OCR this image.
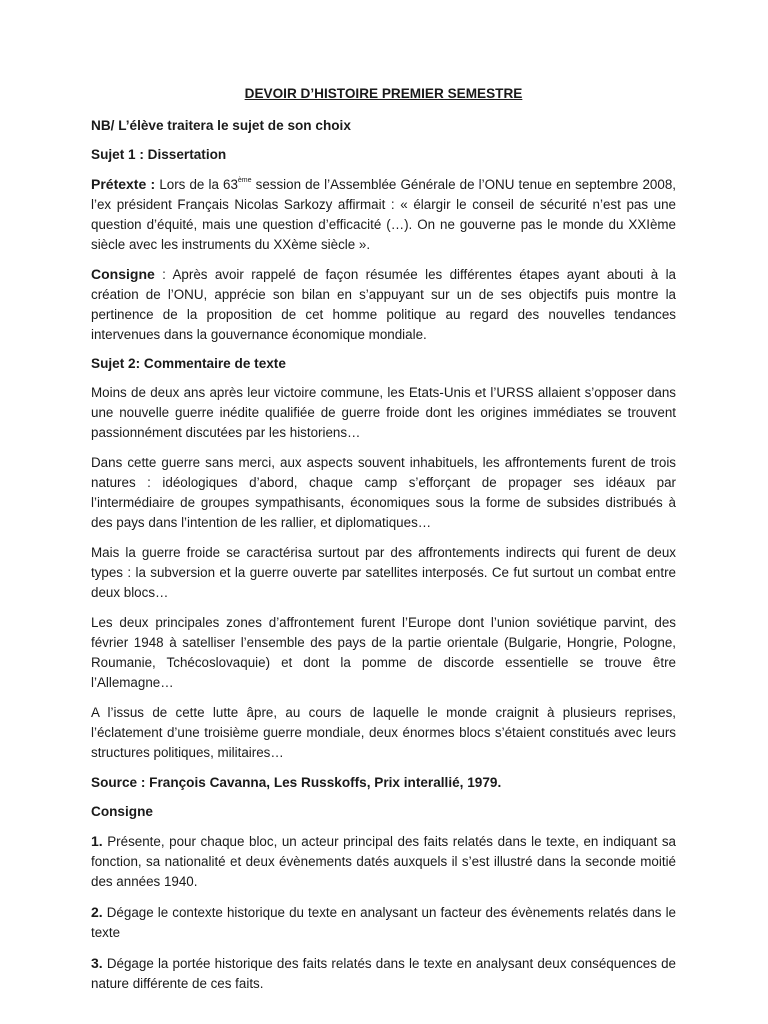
DEVOIR D’HISTOIRE PREMIER SEMESTRE
NB/ L’élève traitera le sujet de son choix
Sujet 1 : Dissertation

Prétexte : Lors de la 63ème session de l’Assemblée Générale de l’ONU tenue en septembre 2008, l’ex président Français Nicolas Sarkozy affirmait : « élargir le conseil de sécurité n’est pas une question d’équité, mais une question d’efficacité (…). On ne gouverne pas le monde du XXIème siècle avec les instruments du XXème siècle ».

Consigne : Après avoir rappelé de façon résumée les différentes étapes ayant abouti à la création de l’ONU, apprécie son bilan en s’appuyant sur un de ses objectifs puis montre la pertinence de la proposition de cet homme politique au regard des nouvelles tendances intervenues dans la gouvernance économique mondiale.

Sujet 2: Commentaire de texte

Moins de deux ans après leur victoire commune, les Etats-Unis et l’URSS allaient s’opposer dans une nouvelle guerre inédite qualifiée de guerre froide dont les origines immédiates se trouvent passionnément discutées par les historiens…

Dans cette guerre sans merci, aux aspects souvent inhabituels, les affrontements furent de trois natures : idéologiques d’abord, chaque camp s’efforçant de propager ses idéaux par l’intermédiaire de groupes sympathisants, économiques sous la forme de subsides distribués à des pays dans l’intention de les rallier, et diplomatiques…

Mais la guerre froide se caractérisa surtout par des affrontements indirects qui furent de deux types : la subversion et la guerre ouverte par satellites interposés. Ce fut surtout un combat entre deux blocs…

Les deux principales zones d’affrontement furent l’Europe dont l’union soviétique parvint, des février 1948 à satelliser l’ensemble des pays de la partie orientale (Bulgarie, Hongrie, Pologne, Roumanie, Tchécoslovaquie) et dont la pomme de discorde essentielle se trouve être l’Allemagne…

A l’issus de cette lutte âpre, au cours de laquelle le monde craignit à plusieurs reprises, l’éclatement d’une troisième guerre mondiale, deux énormes blocs s’étaient constitués avec leurs structures politiques, militaires…

Source : François Cavanna, Les Russkoffs, Prix interallié, 1979.
Consigne

1. Présente, pour chaque bloc, un acteur principal des faits relatés dans le texte, en indiquant sa fonction, sa nationalité et deux évènements datés auxquels il s’est illustré dans la seconde moitié des années 1940.

2. Dégage le contexte historique du texte en analysant un facteur des évènements relatés dans le texte

3. Dégage la portée historique des faits relatés dans le texte en analysant deux conséquences de nature différente de ces faits.
